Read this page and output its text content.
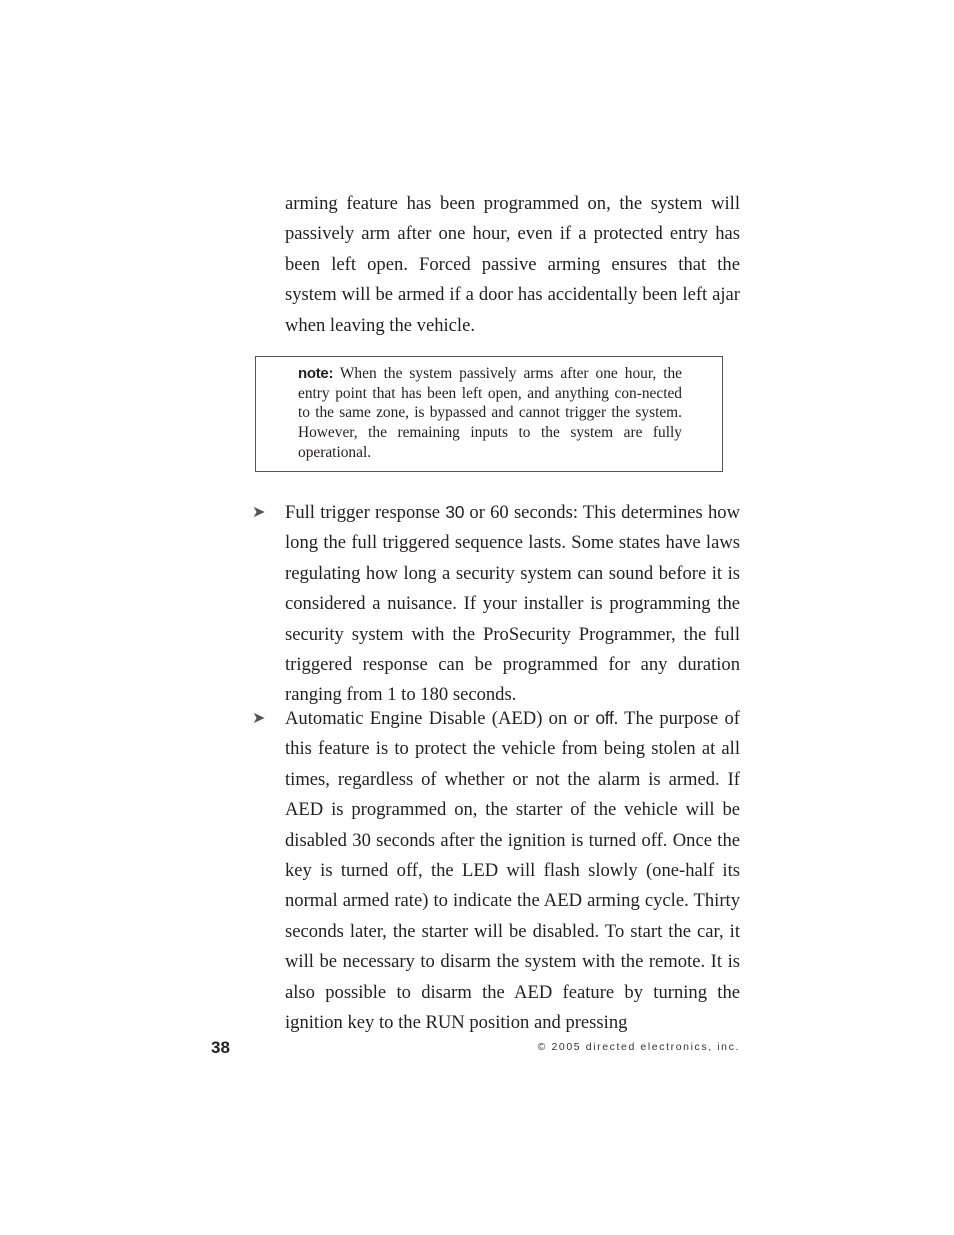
arming feature has been programmed on, the system will passively arm after one hour, even if a protected entry has been left open. Forced passive arming ensures that the system will be armed if a door has accidentally been left ajar when leaving the vehicle.

note: When the system passively arms after one hour, the entry point that has been left open, and anything con-nected to the same zone, is bypassed and cannot trigger the system. However, the remaining inputs to the system are fully operational.

➤ Full trigger response 30 or 60 seconds: This determines how long the full triggered sequence lasts. Some states have laws regulating how long a security system can sound before it is considered a nuisance. If your installer is programming the security system with the ProSecurity Programmer, the full triggered response can be programmed for any duration ranging from 1 to 180 seconds.

➤ Automatic Engine Disable (AED) on or off. The purpose of this feature is to protect the vehicle from being stolen at all times, regardless of whether or not the alarm is armed. If AED is programmed on, the starter of the vehicle will be disabled 30 seconds after the ignition is turned off. Once the key is turned off, the LED will flash slowly (one-half its normal armed rate) to indicate the AED arming cycle. Thirty seconds later, the starter will be disabled. To start the car, it will be necessary to disarm the system with the remote. It is also possible to disarm the AED feature by turning the ignition key to the RUN position and pressing

38	© 2005 directed electronics, inc.
